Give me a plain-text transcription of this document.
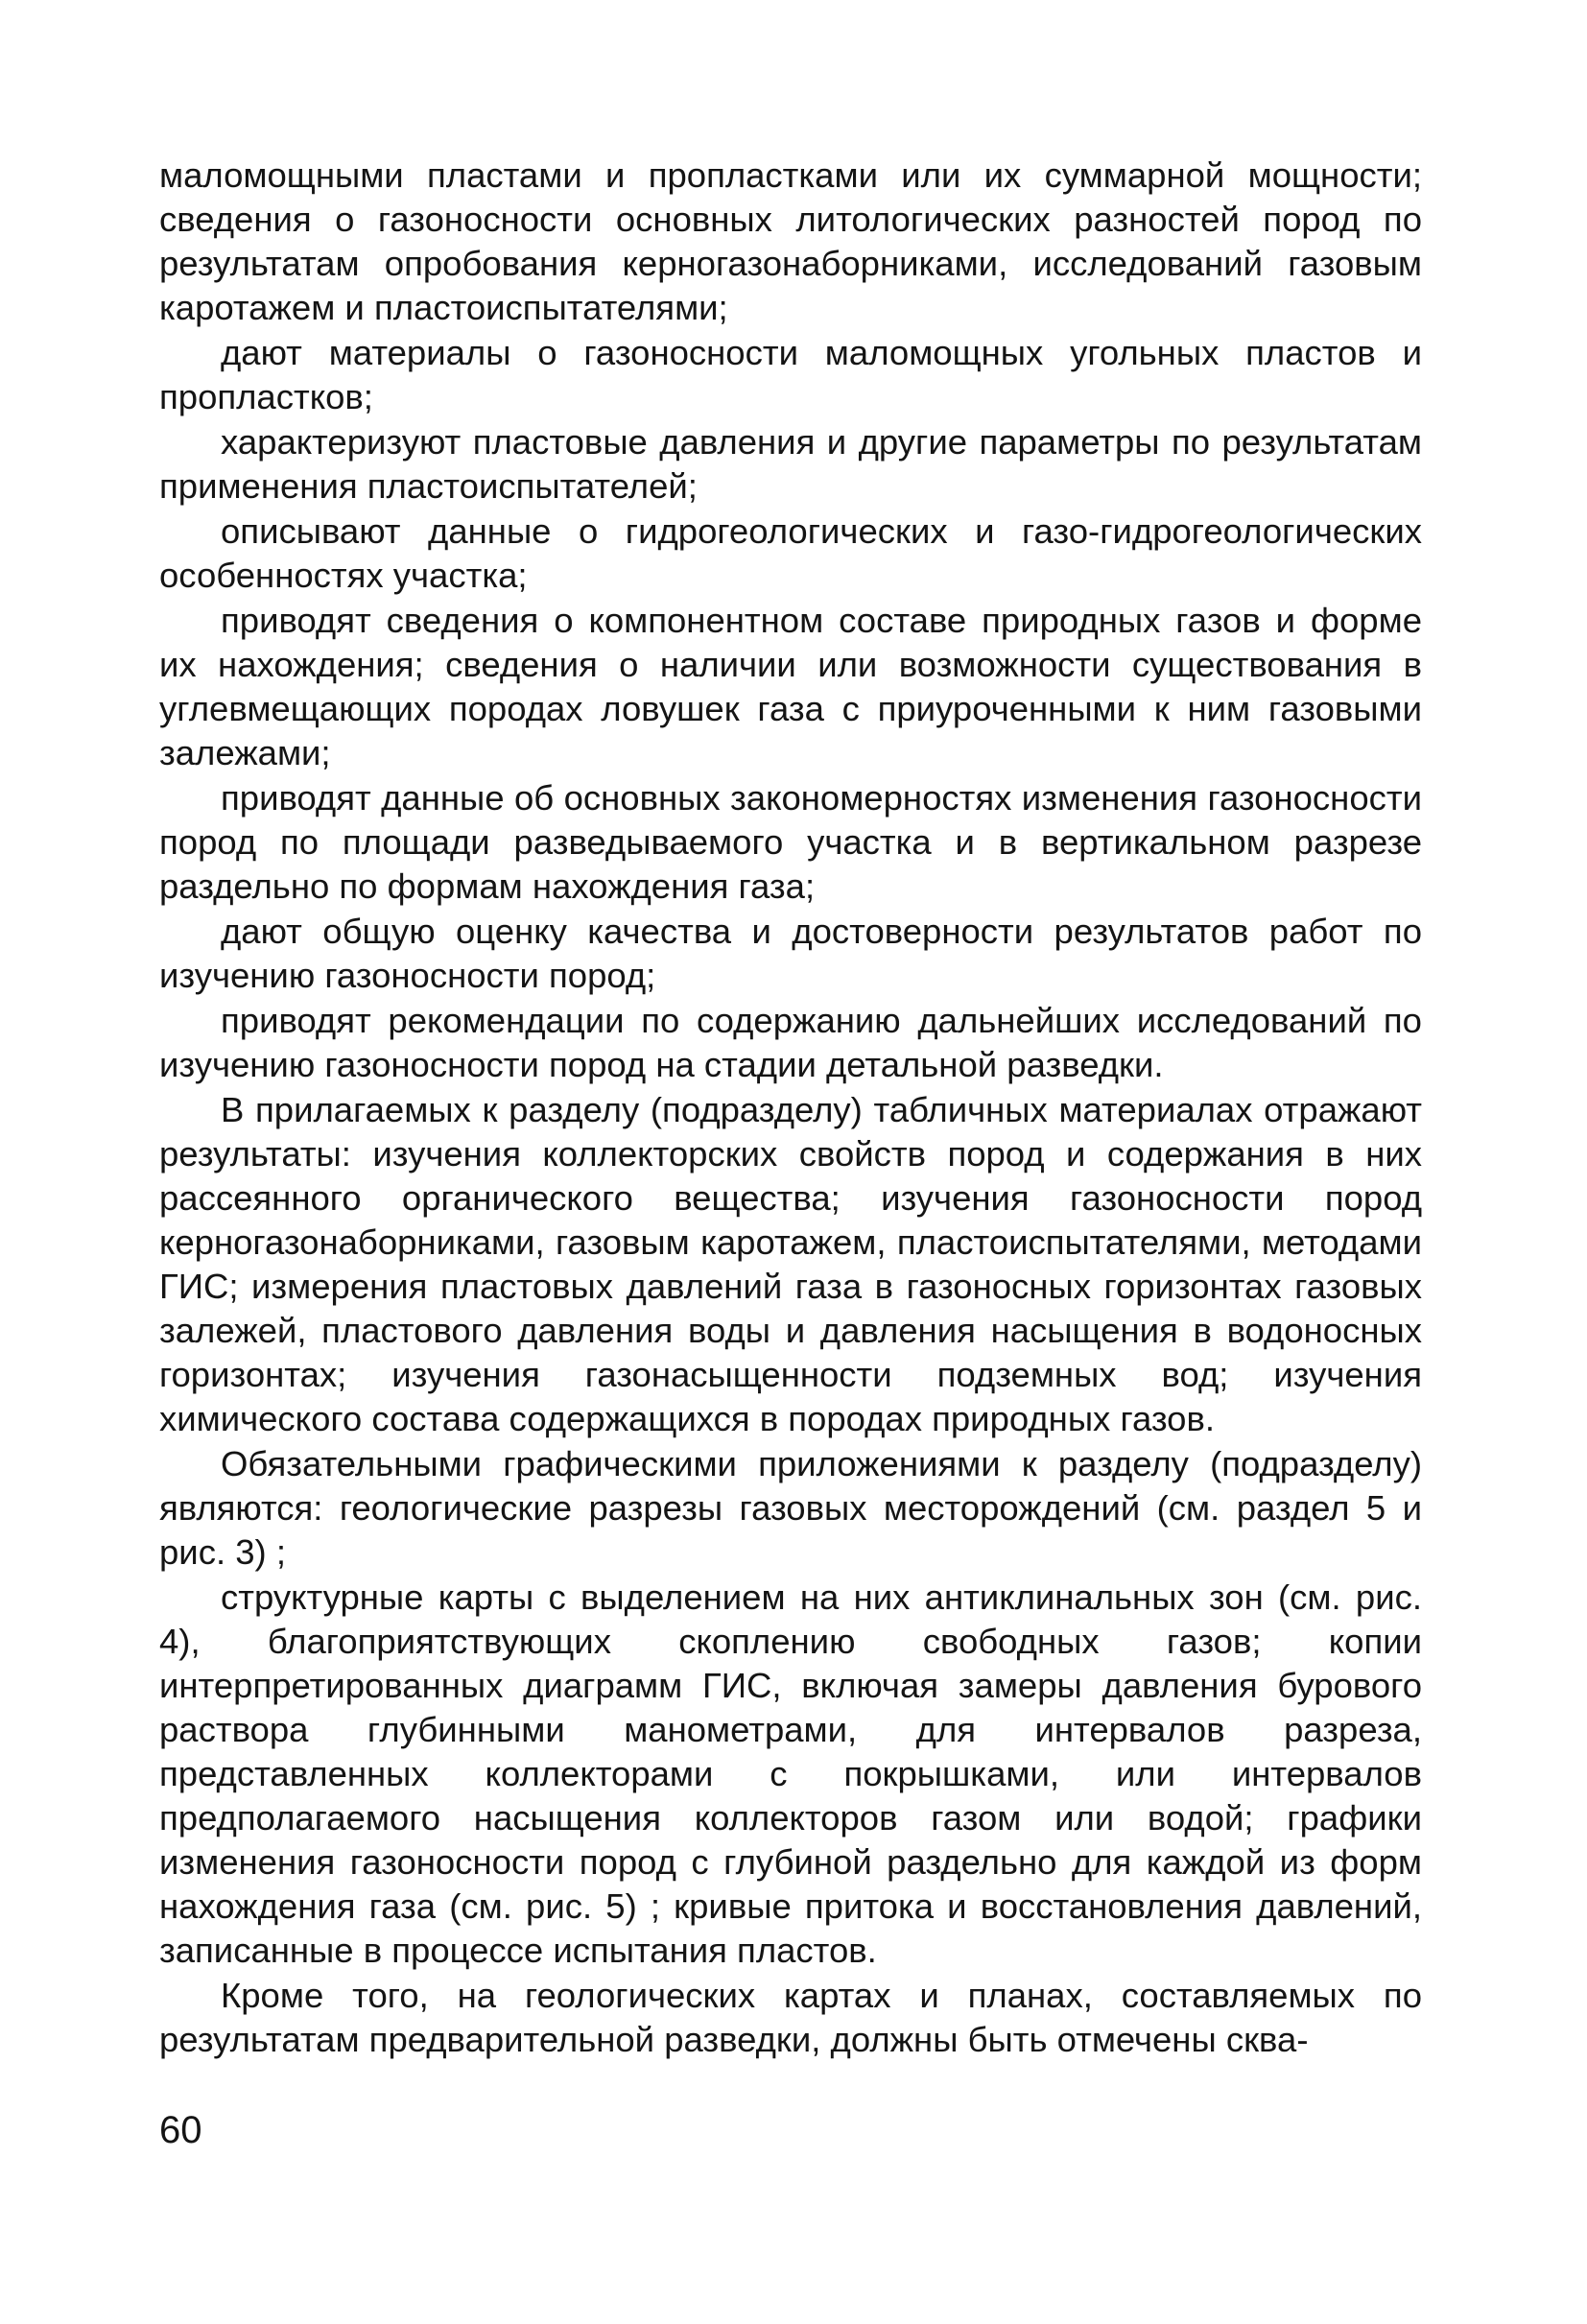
маломощными пластами и пропластками или их суммарной мощности; сведения о газоносности основных литологических разностей пород по результатам опробования керногазонаборниками, исследований газовым каротажем и пластоиспытателями;

дают материалы о газоносности маломощных угольных пластов и пропластков;

характеризуют пластовые давления и другие параметры по результатам применения пластоиспытателей;

описывают данные о гидрогеологических и газо-гидрогеологических особенностях участка;

приводят сведения о компонентном составе природных газов и форме их нахождения; сведения о наличии или возможности существования в углевмещающих породах ловушек газа с приуроченными к ним газовыми залежами;

приводят данные об основных закономерностях изменения газоносности пород по площади разведываемого участка и в вертикальном разрезе раздельно по формам нахождения газа;

дают общую оценку качества и достоверности результатов работ по изучению газоносности пород;

приводят рекомендации по содержанию дальнейших исследований по изучению газоносности пород на стадии детальной разведки.

В прилагаемых к разделу (подразделу) табличных материалах отражают результаты: изучения коллекторских свойств пород и содержания в них рассеянного органического вещества; изучения газоносности пород керногазонаборниками, газовым каротажем, пластоиспытателями, методами ГИС; измерения пластовых давлений газа в газоносных горизонтах газовых залежей, пластового давления воды и давления насыщения в водоносных горизонтах; изучения газонасыщенности подземных вод; изучения химического состава содержащихся в породах природных газов.

Обязательными графическими приложениями к разделу (подразделу) являются: геологические разрезы газовых месторождений (см. раздел 5 и рис. 3) ;

структурные карты с выделением на них антиклинальных зон (см. рис. 4), благоприятствующих скоплению свободных газов; копии интерпретированных диаграмм ГИС, включая замеры давления бурового раствора глубинными манометрами, для интервалов разреза, представленных коллекторами с покрышками, или интервалов предполагаемого насыщения коллекторов газом или водой; графики изменения газоносности пород с глубиной раздельно для каждой из форм нахождения газа (см. рис. 5) ; кривые притока и восстановления давлений, записанные в процессе испытания пластов.

Кроме того, на геологических картах и планах, составляемых по результатам предварительной разведки, должны быть отмечены сква-

60
